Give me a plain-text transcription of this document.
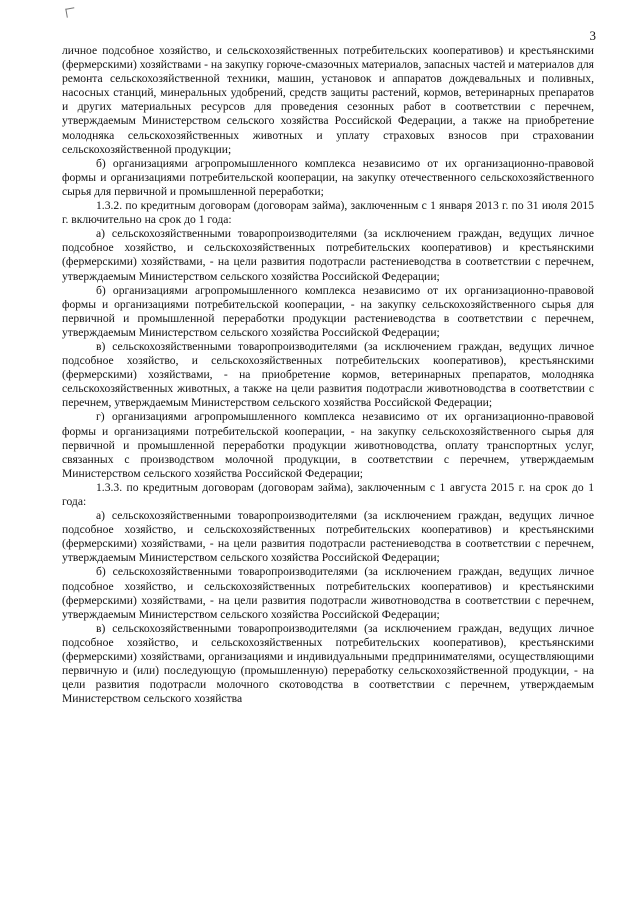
3

личное подсобное хозяйство, и сельскохозяйственных потребительских кооперативов) и крестьянскими (фермерскими) хозяйствами - на закупку горюче-смазочных материалов, запасных частей и материалов для ремонта сельскохозяйственной техники, машин, установок и аппаратов дождевальных и поливных, насосных станций, минеральных удобрений, средств защиты растений, кормов, ветеринарных препаратов и других материальных ресурсов для проведения сезонных работ в соответствии с перечнем, утверждаемым Министерством сельского хозяйства Российской Федерации, а также на приобретение молодняка сельскохозяйственных животных и уплату страховых взносов при страховании сельскохозяйственной продукции;

б) организациями агропромышленного комплекса независимо от их организационно-правовой формы и организациями потребительской кооперации, на закупку отечественного сельскохозяйственного сырья для первичной и промышленной переработки;

1.3.2. по кредитным договорам (договорам займа), заключенным с 1 января 2013 г. по 31 июля 2015 г. включительно на срок до 1 года:

а) сельскохозяйственными товаропроизводителями (за исключением граждан, ведущих личное подсобное хозяйство, и сельскохозяйственных потребительских кооперативов) и крестьянскими (фермерскими) хозяйствами, - на цели развития подотрасли растениеводства в соответствии с перечнем, утверждаемым Министерством сельского хозяйства Российской Федерации;

б) организациями агропромышленного комплекса независимо от их организационно-правовой формы и организациями потребительской кооперации, - на закупку сельскохозяйственного сырья для первичной и промышленной переработки продукции растениеводства в соответствии с перечнем, утверждаемым Министерством сельского хозяйства Российской Федерации;

в) сельскохозяйственными товаропроизводителями (за исключением граждан, ведущих личное подсобное хозяйство, и сельскохозяйственных потребительских кооперативов), крестьянскими (фермерскими) хозяйствами, - на приобретение кормов, ветеринарных препаратов, молодняка сельскохозяйственных животных, а также на цели развития подотрасли животноводства в соответствии с перечнем, утверждаемым Министерством сельского хозяйства Российской Федерации;

г) организациями агропромышленного комплекса независимо от их организационно-правовой формы и организациями потребительской кооперации, - на закупку сельскохозяйственного сырья для первичной и промышленной переработки продукции животноводства, оплату транспортных услуг, связанных с производством молочной продукции, в соответствии с перечнем, утверждаемым Министерством сельского хозяйства Российской Федерации;

1.3.3. по кредитным договорам (договорам займа), заключенным с 1 августа 2015 г. на срок до 1 года:

а) сельскохозяйственными товаропроизводителями (за исключением граждан, ведущих личное подсобное хозяйство, и сельскохозяйственных потребительских кооперативов) и крестьянскими (фермерскими) хозяйствами, - на цели развития подотрасли растениеводства в соответствии с перечнем, утверждаемым Министерством сельского хозяйства Российской Федерации;

б) сельскохозяйственными товаропроизводителями (за исключением граждан, ведущих личное подсобное хозяйство, и сельскохозяйственных потребительских кооперативов) и крестьянскими (фермерскими) хозяйствами, - на цели развития подотрасли животноводства в соответствии с перечнем, утверждаемым Министерством сельского хозяйства Российской Федерации;

в) сельскохозяйственными товаропроизводителями (за исключением граждан, ведущих личное подсобное хозяйство, и сельскохозяйственных потребительских кооперативов), крестьянскими (фермерскими) хозяйствами, организациями и индивидуальными предпринимателями, осуществляющими первичную и (или) последующую (промышленную) переработку сельскохозяйственной продукции, - на цели развития подотрасли молочного скотоводства в соответствии с перечнем, утверждаемым Министерством сельского хозяйства
